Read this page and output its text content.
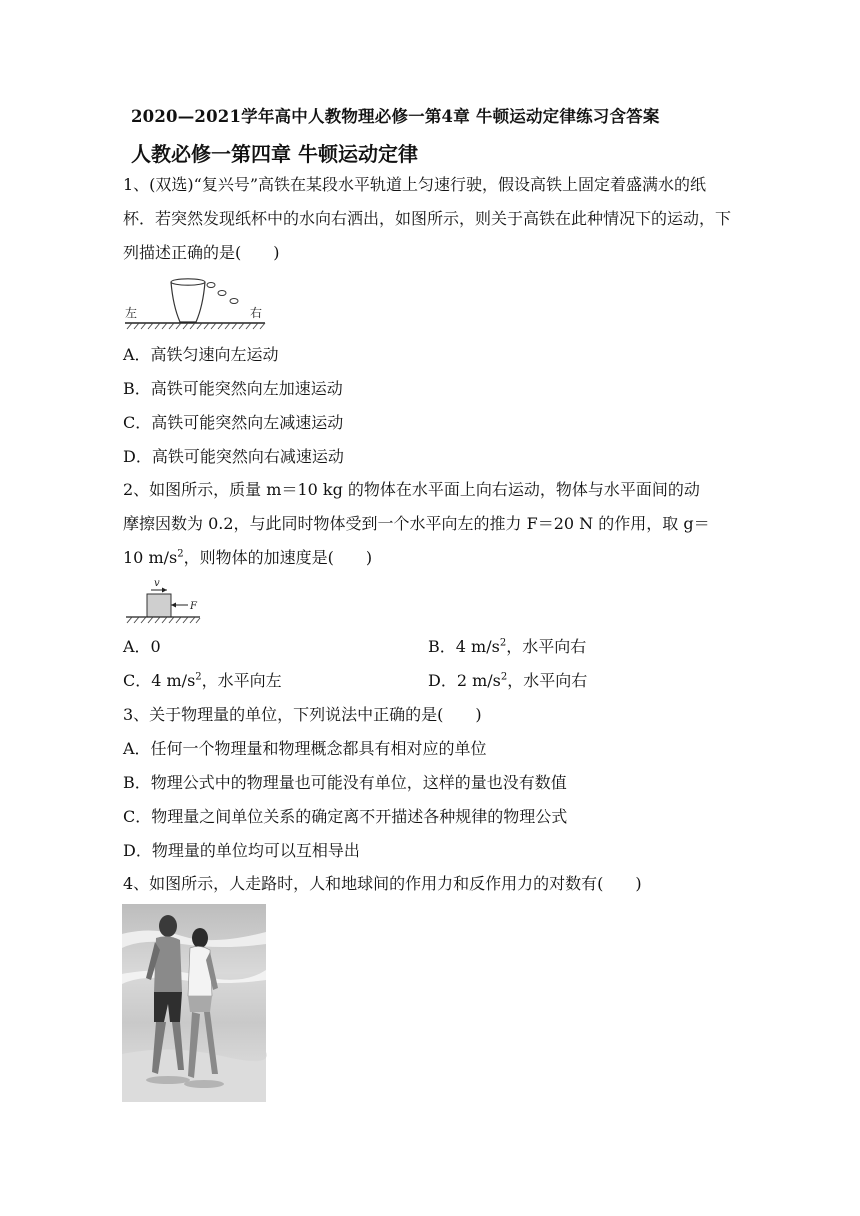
2020—2021学年高中人教物理必修一第4章 牛顿运动定律练习含答案
人教必修一第四章 牛顿运动定律
1、(双选)“复兴号”高铁在某段水平轨道上匀速行驶，假设高铁上固定着盛满水的纸杯．若突然发现纸杯中的水向右洒出，如图所示，则关于高铁在此种情况下的运动，下列描述正确的是(　　)
左	右
A．高铁匀速向左运动
B．高铁可能突然向左加速运动
C．高铁可能突然向左减速运动
D．高铁可能突然向右减速运动
2、如图所示，质量 m＝10 kg 的物体在水平面上向右运动，物体与水平面间的动
摩擦因数为 0.2，与此同时物体受到一个水平向左的推力 F＝20 N 的作用，取 g＝
10 $m/s^2$，则物体的加速度是(　　)
v
F
A．0	B．4 $m/s^2$，水平向右
C．4 $m/s^2$，水平向左	D．2 $m/s^2$，水平向右
3、关于物理量的单位，下列说法中正确的是(　　)
A．任何一个物理量和物理概念都具有相对应的单位
B．物理公式中的物理量也可能没有单位，这样的量也没有数值
C．物理量之间单位关系的确定离不开描述各种规律的物理公式
D．物理量的单位均可以互相导出
4、如图所示，人走路时，人和地球间的作用力和反作用力的对数有(　　)
